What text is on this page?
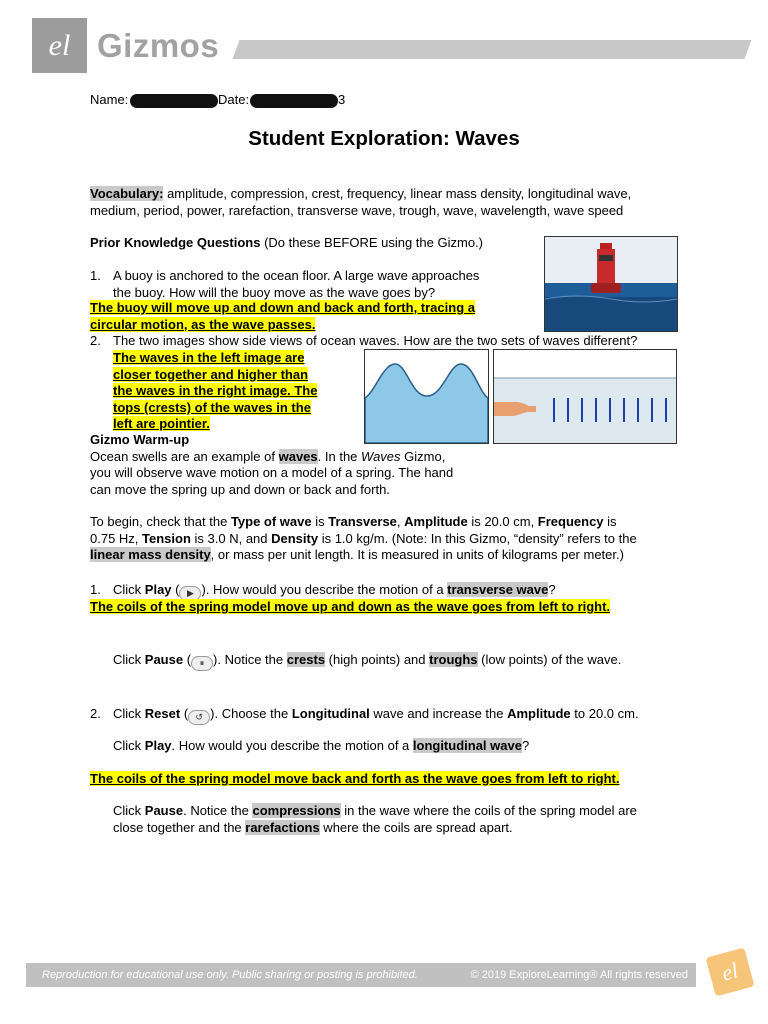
el Gizmos
Name:	Date:	3
Student Exploration: Waves
Vocabulary: amplitude, compression, crest, frequency, linear mass density, longitudinal wave,
medium, period, power, rarefaction, transverse wave, trough, wave, wavelength, wave speed
Prior Knowledge Questions (Do these BEFORE using the Gizmo.)
1. A buoy is anchored to the ocean floor. A large wave approaches
the buoy. How will the buoy move as the wave goes by?
The buoy will move up and down and back and forth, tracing a
circular motion, as the wave passes.
2. The two images show side views of ocean waves. How are the two sets of waves different?
The waves in the left image are
closer together and higher than
the waves in the right image. The
tops (crests) of the waves in the
left are pointier.
Gizmo Warm-up
Ocean swells are an example of waves. In the Waves Gizmo,
you will observe wave motion on a model of a spring. The hand
can move the spring up and down or back and forth.
To begin, check that the Type of wave is Transverse, Amplitude is 20.0 cm, Frequency is
0.75 Hz, Tension is 3.0 N, and Density is 1.0 kg/m. (Note: In this Gizmo, “density” refers to the
linear mass density, or mass per unit length. It is measured in units of kilograms per meter.)
1. Click Play ( ▶ ). How would you describe the motion of a transverse wave?
The coils of the spring model move up and down as the wave goes from left to right.
Click Pause ( ⏸ ). Notice the crests (high points) and troughs (low points) of the wave.
2. Click Reset ( ↺ ). Choose the Longitudinal wave and increase the Amplitude to 20.0 cm.
Click Play. How would you describe the motion of a longitudinal wave?
The coils of the spring model move back and forth as the wave goes from left to right.
Click Pause. Notice the compressions in the wave where the coils of the spring model are
close together and the rarefactions where the coils are spread apart.
Reproduction for educational use only. Public sharing or posting is prohibited.	© 2019 ExploreLearning® All rights reserved	el
